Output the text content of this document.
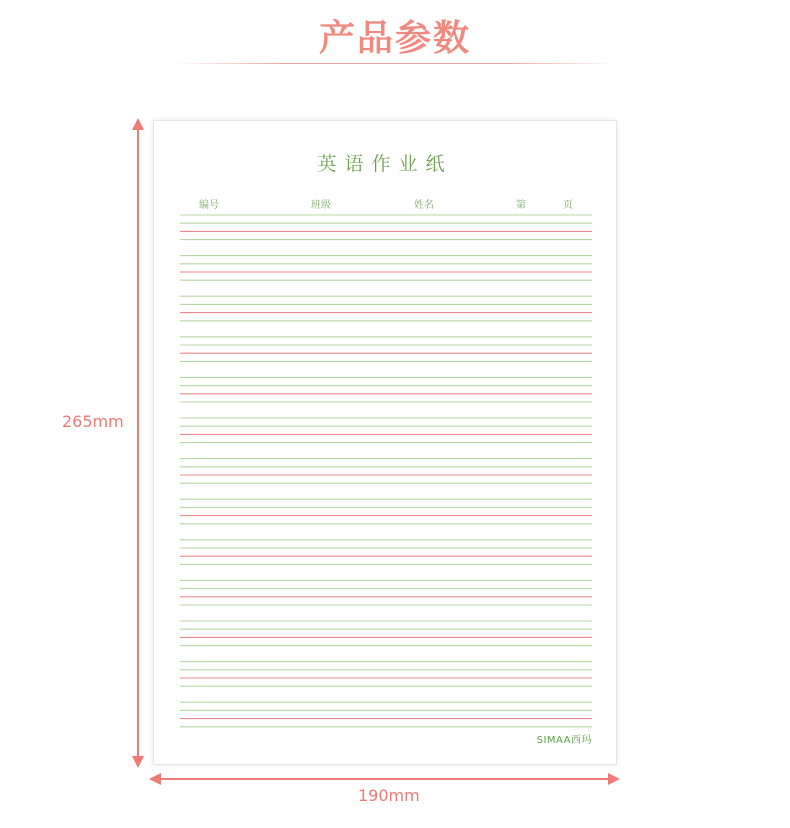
产品参数
英语作业纸
编号	班级	姓名	第	页
SIMAA西玛
265mm
190mm
